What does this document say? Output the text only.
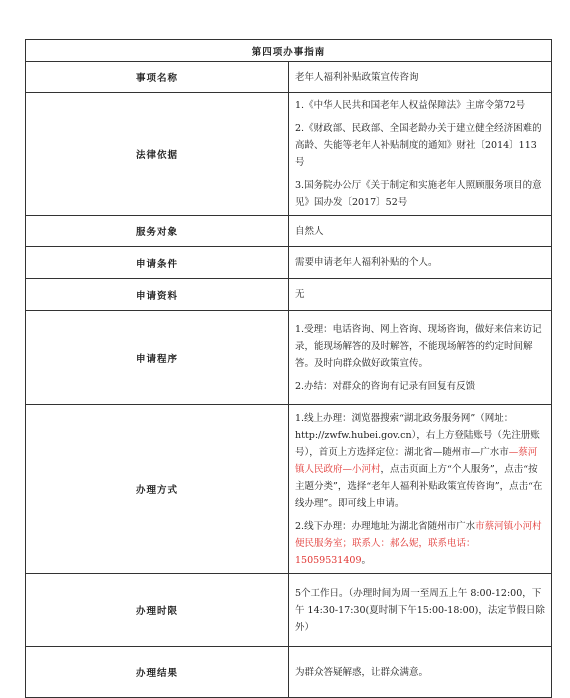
第四项办事指南	
事项名称	老年人福利补贴政策宣传咨询
法律依据	1.《中华人民共和国老年人权益保障法》主席令第72号

2.《财政部、民政部、全国老龄办关于建立健全经济困难的高龄、失能等老年人补贴制度的通知》财社〔2014〕113号

3.国务院办公厅《关于制定和实施老年人照顾服务项目的意见》国办发〔2017〕52号

服务对象	自然人
申请条件	需要申请老年人福利补贴的个人。
申请资料	无
申请程序	1.受理：电话咨询、网上咨询、现场咨询，做好来信来访记录，能现场解答的及时解答，不能现场解答的约定时间解答。及时向群众做好政策宣传。

2.办结：对群众的咨询有记录有回复有反馈

办理方式	1.线上办理：浏览器搜索“湖北政务服务网”（网址：http://zwfw.hubei.gov.cn），右上方登陆账号（先注册账号），首页上方选择定位：湖北省—随州市—广水市—蔡河镇人民政府—小河村，点击页面上方“个人服务”，点击“按主题分类”，选择“老年人福利补贴政策宣传咨询”，点击“在线办理”。即可线上申请。

2.线下办理：办理地址为湖北省随州市广水市蔡河镇小河村便民服务室；联系人：郝么妮，联系电话：15059531409。

办理时限	5个工作日。（办理时间为周一至周五上午 8:00-12:00，下午 14:30-17:30(夏时制下午15:00-18:00)，法定节假日除外）
办理结果	为群众答疑解惑，让群众满意。
